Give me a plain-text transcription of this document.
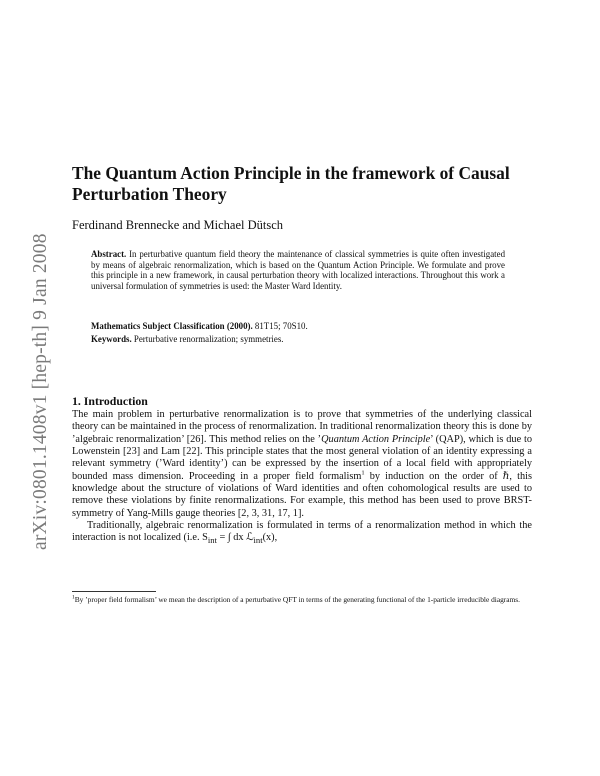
arXiv:0801.1408v1 [hep-th] 9 Jan 2008
The Quantum Action Principle in the framework of Causal Perturbation Theory
Ferdinand Brennecke and Michael Dütsch

Abstract. In perturbative quantum field theory the maintenance of classical symmetries is quite often investigated by means of algebraic renormalization, which is based on the Quantum Action Principle. We formulate and prove this principle in a new framework, in causal perturbation theory with localized interactions. Throughout this work a universal formulation of symmetries is used: the Master Ward Identity.

Mathematics Subject Classification (2000). 81T15; 70S10.

Keywords. Perturbative renormalization; symmetries.

1. Introduction

The main problem in perturbative renormalization is to prove that symmetries of the underlying classical theory can be maintained in the process of renormalization. In traditional renormalization theory this is done by ’algebraic renormalization’ [26]. This method relies on the ’Quantum Action Principle’ (QAP), which is due to Lowenstein [23] and Lam [22]. This principle states that the most general violation of an identity expressing a relevant symmetry (’Ward identity’) can be expressed by the insertion of a local field with appropriately bounded mass dimension. Proceeding in a proper field formalism$^1$ by induction on the order of ℏ, this knowledge about the structure of violations of Ward identities and often cohomological results are used to remove these violations by finite renormalizations. For example, this method has been used to prove BRST-symmetry of Yang-Mills gauge theories [2, 3, 31, 17, 1].

Traditionally, algebraic renormalization is formulated in terms of a renormalization method in which the interaction is not localized (i.e. $S_{int}$ = ∫ dx ℒ$_{int}$(x),

$^1$By ’proper field formalism’ we mean the description of a perturbative QFT in terms of the generating functional of the 1-particle irreducible diagrams.
